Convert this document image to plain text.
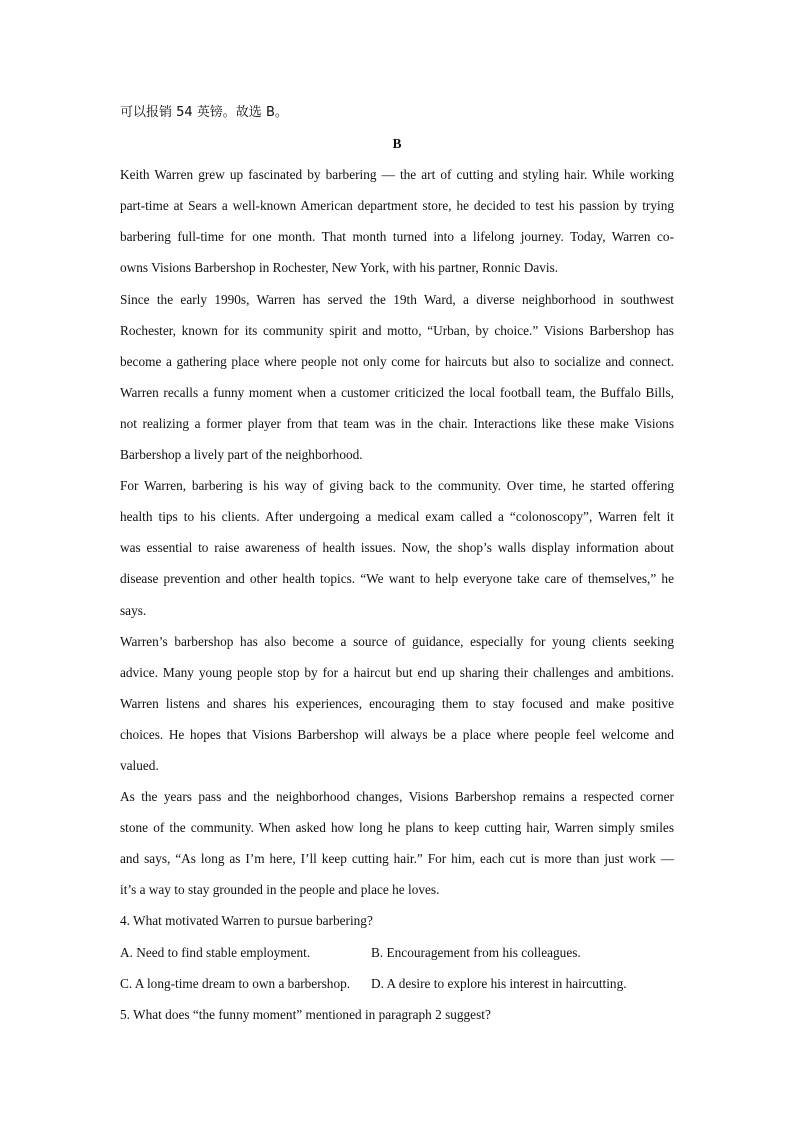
可以报销 54 英镑。故选 B。
B
Keith Warren grew up fascinated by barbering — the art of cutting and styling hair. While working
part-time at Sears a well-known American department store, he decided to test his passion by trying
barbering full-time for one month. That month turned into a lifelong journey. Today, Warren co-
owns Visions Barbershop in Rochester, New York, with his partner, Ronnic Davis.
Since the early 1990s, Warren has served the 19th Ward, a diverse neighborhood in southwest
Rochester, known for its community spirit and motto, “Urban, by choice.” Visions Barbershop has
become a gathering place where people not only come for haircuts but also to socialize and connect.
Warren recalls a funny moment when a customer criticized the local football team, the Buffalo Bills,
not realizing a former player from that team was in the chair. Interactions like these make Visions
Barbershop a lively part of the neighborhood.
For Warren, barbering is his way of giving back to the community. Over time, he started offering
health tips to his clients. After undergoing a medical exam called a “colonoscopy”, Warren felt it
was essential to raise awareness of health issues. Now, the shop’s walls display information about
disease prevention and other health topics. “We want to help everyone take care of themselves,” he
says.
Warren’s barbershop has also become a source of guidance, especially for young clients seeking
advice. Many young people stop by for a haircut but end up sharing their challenges and ambitions.
Warren listens and shares his experiences, encouraging them to stay focused and make positive
choices. He hopes that Visions Barbershop will always be a place where people feel welcome and
valued.
As the years pass and the neighborhood changes, Visions Barbershop remains a respected corner
stone of the community. When asked how long he plans to keep cutting hair, Warren simply smiles
and says, “As long as I’m here, I’ll keep cutting hair.” For him, each cut is more than just work —
it’s a way to stay grounded in the people and place he loves.
4. What motivated Warren to pursue barbering?
A. Need to find stable employment.	B. Encouragement from his colleagues.
C. A long-time dream to own a barbershop.	D. A desire to explore his interest in haircutting.
5. What does “the funny moment” mentioned in paragraph 2 suggest?
